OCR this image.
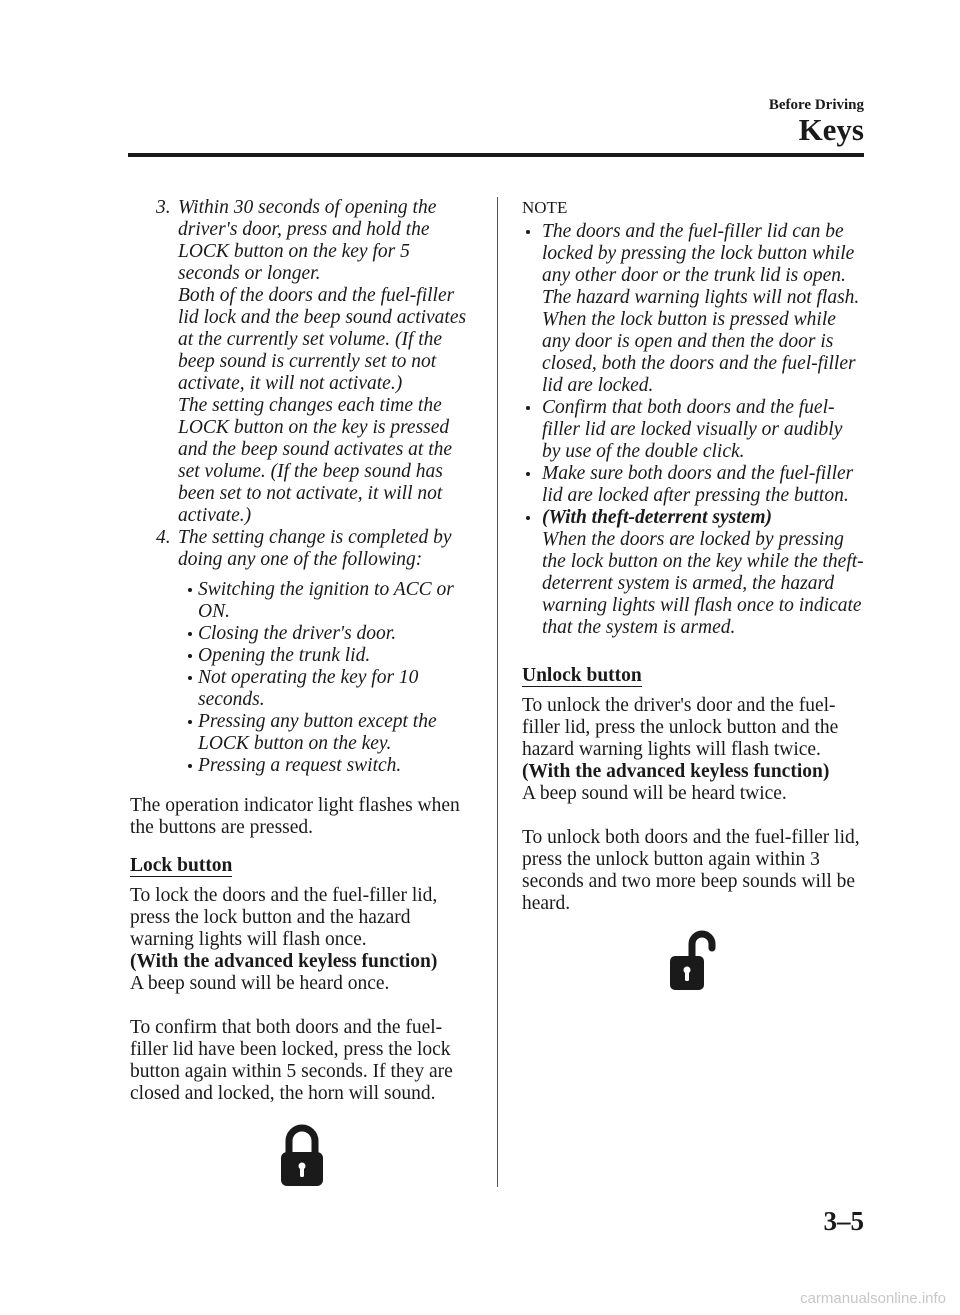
Before Driving
Keys
3. Within 30 seconds of opening the driver's door, press and hold the LOCK button on the key for 5 seconds or longer.

Both of the doors and the fuel-filler lid lock and the beep sound activates at the currently set volume. (If the beep sound is currently set to not activate, it will not activate.)

The setting changes each time the LOCK button on the key is pressed and the beep sound activates at the set volume. (If the beep sound has been set to not activate, it will not activate.)

4. The setting change is completed by doing any one of the following:

Switching the ignition to ACC or ON.
Closing the driver's door.
Opening the trunk lid.
Not operating the key for 10 seconds.
Pressing any button except the LOCK button on the key.
Pressing a request switch.

The operation indicator light flashes when the buttons are pressed.

Lock button

To lock the doors and the fuel-filler lid, press the lock button and the hazard warning lights will flash once.
(With the advanced keyless function)
A beep sound will be heard once.

To confirm that both doors and the fuel-filler lid have been locked, press the lock button again within 5 seconds. If they are closed and locked, the horn will sound.

NOTE
The doors and the fuel-filler lid can be locked by pressing the lock button while any other door or the trunk lid is open. The hazard warning lights will not flash. When the lock button is pressed while any door is open and then the door is closed, both the doors and the fuel-filler lid are locked.
Confirm that both doors and the fuel-filler lid are locked visually or audibly by use of the double click.
Make sure both doors and the fuel-filler lid are locked after pressing the button.
(With theft-deterrent system)
When the doors are locked by pressing the lock button on the key while the theft-deterrent system is armed, the hazard warning lights will flash once to indicate that the system is armed.

Unlock button

To unlock the driver's door and the fuel-filler lid, press the unlock button and the hazard warning lights will flash twice.
(With the advanced keyless function)
A beep sound will be heard twice.

To unlock both doors and the fuel-filler lid, press the unlock button again within 3 seconds and two more beep sounds will be heard.

3–5
carmanualsonline.info
